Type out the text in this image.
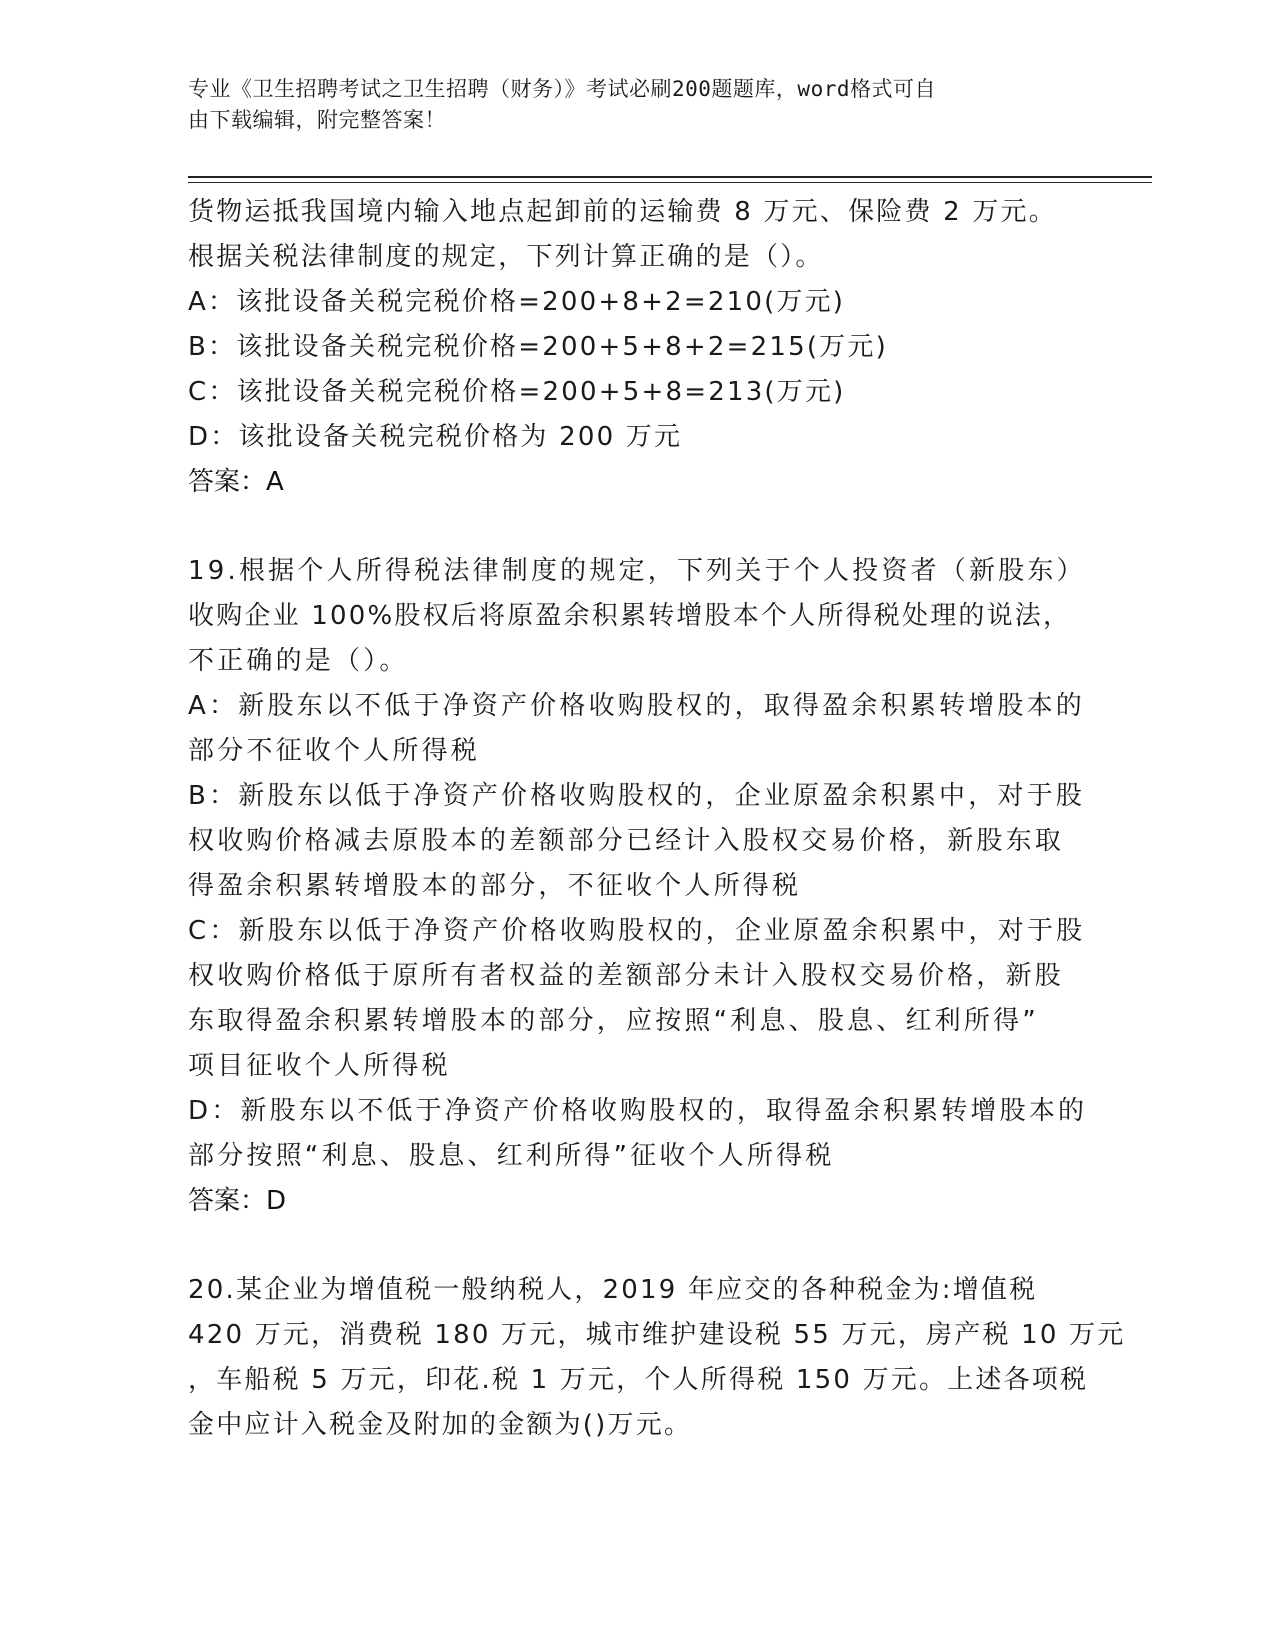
专业《卫生招聘考试之卫生招聘（财务）》考试必刷200题题库，word格式可自
由下载编辑，附完整答案！
货物运抵我国境内输入地点起卸前的运输费 8 万元、保险费 2 万元。
根据关税法律制度的规定，下列计算正确的是（）。
A：该批设备关税完税价格=200+8+2=210(万元)
B：该批设备关税完税价格=200+5+8+2=215(万元)
C：该批设备关税完税价格=200+5+8=213(万元)
D：该批设备关税完税价格为 200 万元
答案：A
19.根据个人所得税法律制度的规定，下列关于个人投资者（新股东）
收购企业 100%股权后将原盈余积累转增股本个人所得税处理的说法，
不正确的是（）。
A：新股东以不低于净资产价格收购股权的，取得盈余积累转增股本的
部分不征收个人所得税
B：新股东以低于净资产价格收购股权的，企业原盈余积累中，对于股
权收购价格减去原股本的差额部分已经计入股权交易价格，新股东取
得盈余积累转增股本的部分，不征收个人所得税
C：新股东以低于净资产价格收购股权的，企业原盈余积累中，对于股
权收购价格低于原所有者权益的差额部分未计入股权交易价格，新股
东取得盈余积累转增股本的部分，应按照“利息、股息、红利所得”
项目征收个人所得税
D：新股东以不低于净资产价格收购股权的，取得盈余积累转增股本的
部分按照“利息、股息、红利所得”征收个人所得税
答案：D
20.某企业为增值税一般纳税人，2019 年应交的各种税金为:增值税
420 万元，消费税 180 万元，城市维护建设税 55 万元，房产税 10 万元
，车船税 5 万元，印花.税 1 万元，个人所得税 150 万元。上述各项税
金中应计入税金及附加的金额为()万元。
